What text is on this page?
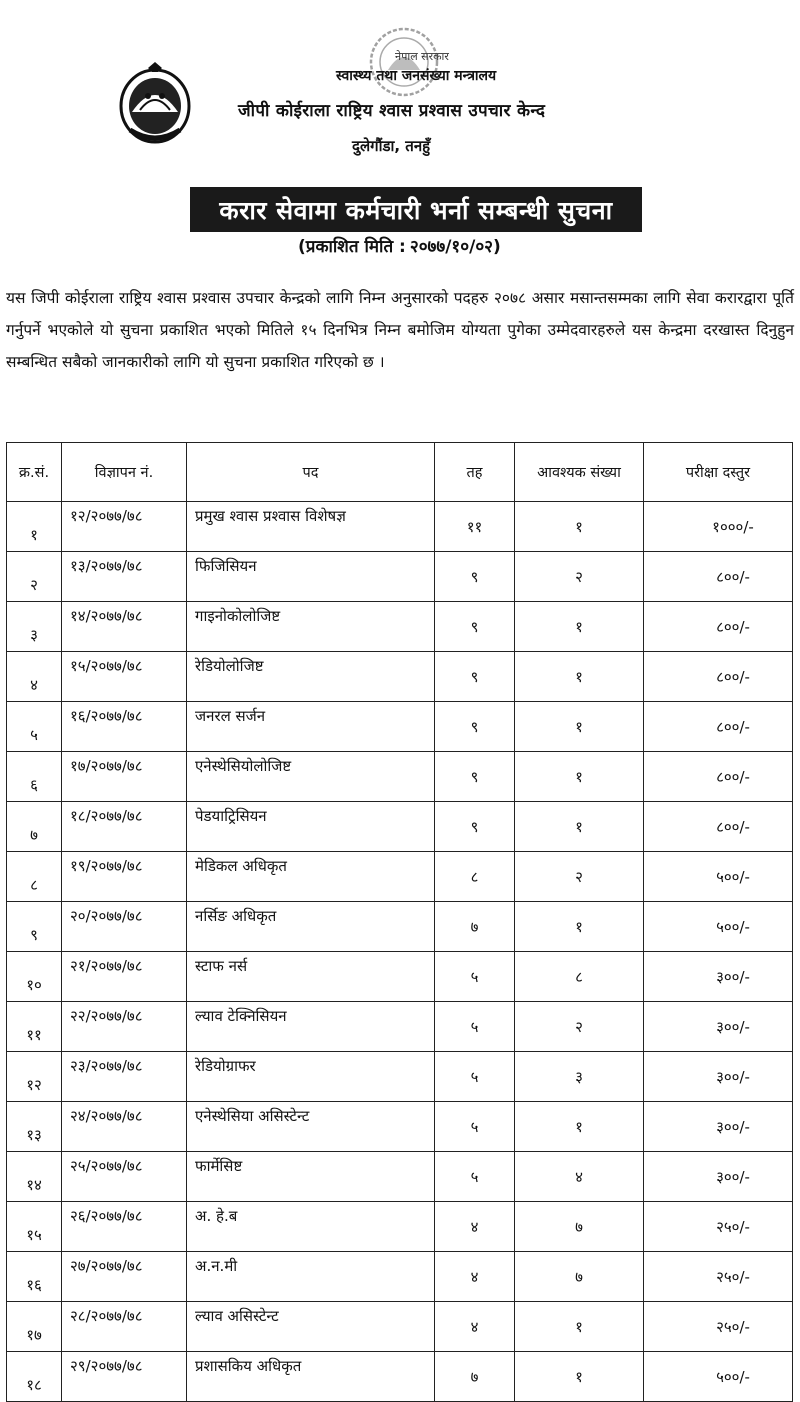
नेपाल सरकार
स्वास्थ्य तथा जनसंख्या मन्त्रालय
जीपी कोईराला राष्ट्रिय श्वास प्रश्वास उपचार केन्द
दुलेगौंडा, तनहुँ
करार सेवामा कर्मचारी भर्ना सम्बन्धी सुचना
(प्रकाशित मिति : २०७७/१०/०२)
यस जिपी कोईराला राष्ट्रिय श्वास प्रश्वास उपचार केन्द्रको लागि निम्न अनुसारको पदहरु २०७८ असार मसान्तसम्मका लागि सेवा करारद्वारा पूर्ति गर्नुपर्ने भएकोले यो सुचना प्रकाशित भएको मितिले १५ दिनभित्र निम्न बमोजिम योग्यता पुगेका उम्मेदवारहरुले यस केन्द्रमा दरखास्त दिनुहुन सम्बन्धित सबैको जानकारीको लागि यो सुचना प्रकाशित गरिएको छ ।
क्र.सं.	विज्ञापन नं.	पद	तह	आवश्यक संख्या	परीक्षा दस्तुर
१	१२/२०७७/७८	प्रमुख श्वास प्रश्वास विशेषज्ञ	११	१	१०००/-
२	१३/२०७७/७८	फिजिसियन	९	२	८००/-
३	१४/२०७७/७८	गाइनोकोलोजिष्ट	९	१	८००/-
४	१५/२०७७/७८	रेडियोलोजिष्ट	९	१	८००/-
५	१६/२०७७/७८	जनरल सर्जन	९	१	८००/-
६	१७/२०७७/७८	एनेस्थेसियोलोजिष्ट	९	१	८००/-
७	१८/२०७७/७८	पेडयाट्रिसियन	९	१	८००/-
८	१९/२०७७/७८	मेडिकल अधिकृत	८	२	५००/-
९	२०/२०७७/७८	नर्सिङ अधिकृत	७	१	५००/-
१०	२१/२०७७/७८	स्टाफ नर्स	५	८	३००/-
११	२२/२०७७/७८	ल्याव टेक्निसियन	५	२	३००/-
१२	२३/२०७७/७८	रेडियोग्राफर	५	३	३००/-
१३	२४/२०७७/७८	एनेस्थेसिया असिस्टेन्ट	५	१	३००/-
१४	२५/२०७७/७८	फार्मेसिष्ट	५	४	३००/-
१५	२६/२०७७/७८	अ. हे.ब	४	७	२५०/-
१६	२७/२०७७/७८	अ.न.मी	४	७	२५०/-
१७	२८/२०७७/७८	ल्याव असिस्टेन्ट	४	१	२५०/-
१८	२९/२०७७/७८	प्रशासकिय अधिकृत	७	१	५००/-
